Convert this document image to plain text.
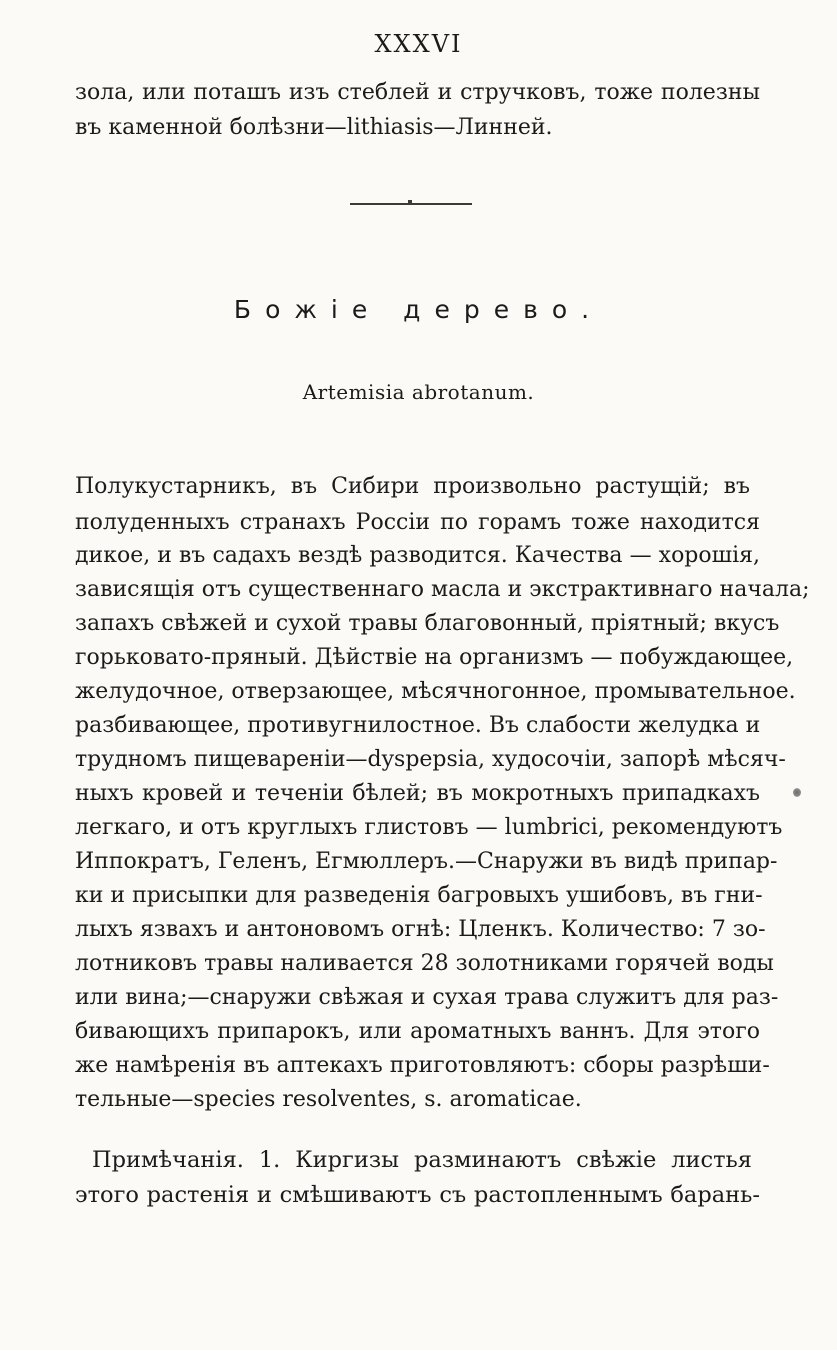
XXXVI
зола, или поташъ изъ стеблей и стручковъ, тоже полезны
въ каменной болѣзни—lithiasis—Линней.
Божіе дерево.
Artemisia abrotanum.
Полукустарникъ, въ Сибири произвольно растущій; въ
полуденныхъ странахъ Россіи по горамъ тоже находится
дикое, и въ садахъ вездѣ разводится. Качества — хорошія,
зависящія отъ существеннаго масла и экстрактивнаго начала;
запахъ свѣжей и сухой травы благовонный, пріятный; вкусъ
горьковато-пряный. Дѣйствіе на организмъ — побуждающее,
желудочное, отверзающее, мѣсячногонное, промывательное.
разбивающее, противугнилостное. Въ слабости желудка и
трудномъ пищевареніи—dyspepsia, худосочіи, запорѣ мѣсяч-
ныхъ кровей и теченіи бѣлей; въ мокротныхъ припадкахъ
легкаго, и отъ круглыхъ глистовъ — lumbrici, рекомендуютъ
Иппократъ, Геленъ, Егмюллеръ.—Снаружи въ видѣ припар-
ки и присыпки для разведенія багровыхъ ушибовъ, въ гни-
лыхъ язвахъ и антоновомъ огнѣ: Цленкъ. Количество: 7 зо-
лотниковъ травы наливается 28 золотниками горячей воды
или вина;—снаружи свѣжая и сухая трава служитъ для раз-
бивающихъ припарокъ, или ароматныхъ ваннъ. Для этого
же намѣренія въ аптекахъ приготовляютъ: сборы разрѣши-
тельные—species resolventes, s. aromaticae.
Примѣчанія. 1. Киргизы разминаютъ свѣжіе листья
этого растенія и смѣшиваютъ съ растопленнымъ барань-
